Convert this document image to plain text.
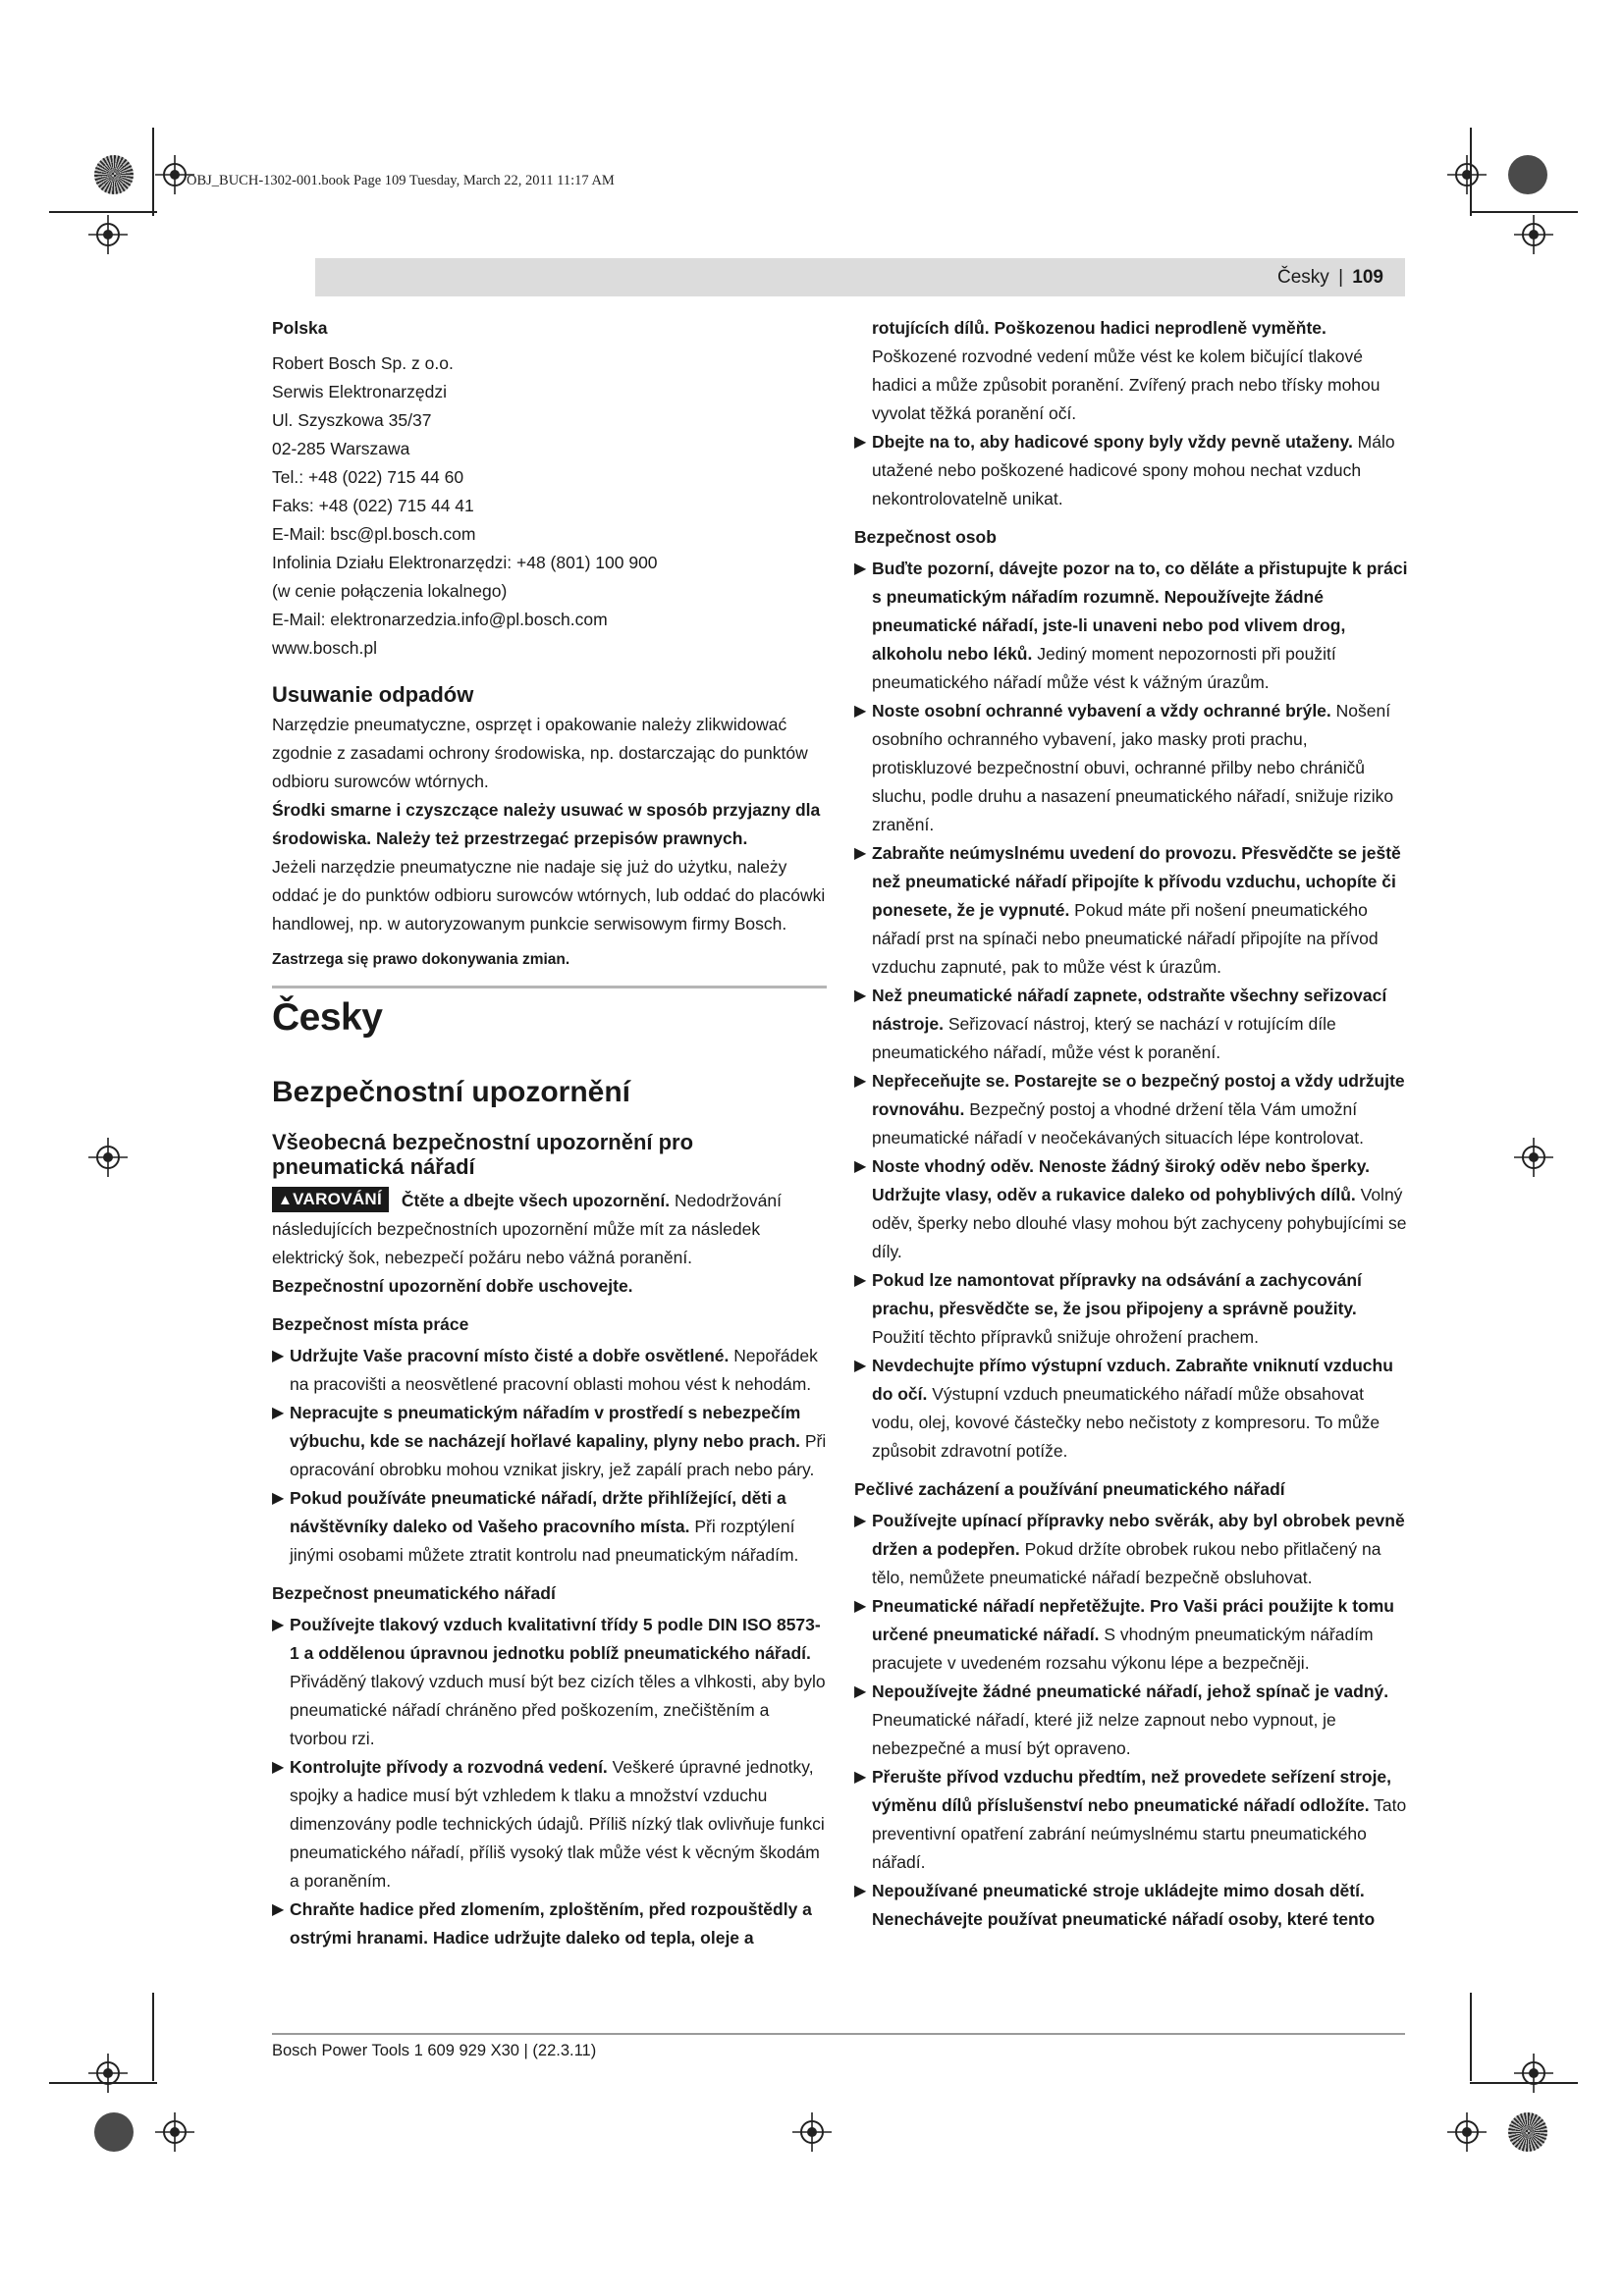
OBJ_BUCH-1302-001.book Page 109 Tuesday, March 22, 2011 11:17 AM
Česky | 109

Polska

Robert Bosch Sp. z o.o.

Serwis Elektronarzędzi

Ul. Szyszkowa 35/37

02-285 Warszawa

Tel.: +48 (022) 715 44 60

Faks: +48 (022) 715 44 41

E-Mail: bsc@pl.bosch.com

Infolinia Działu Elektronarzędzi: +48 (801) 100 900

(w cenie połączenia lokalnego)

E-Mail: elektronarzedzia.info@pl.bosch.com

www.bosch.pl

Usuwanie odpadów

Narzędzie pneumatyczne, osprzęt i opakowanie należy zlikwidować zgodnie z zasadami ochrony środowiska, np. dostarczając do punktów odbioru surowców wtórnych.

Środki smarne i czyszczące należy usuwać w sposób przyjazny dla środowiska. Należy też przestrzegać przepisów prawnych.

Jeżeli narzędzie pneumatyczne nie nadaje się już do użytku, należy oddać je do punktów odbioru surowców wtórnych, lub oddać do placówki handlowej, np. w autoryzowanym punkcie serwisowym firmy Bosch.

Zastrzega się prawo dokonywania zmian.

Česky

Bezpečnostní upozornění

Všeobecná bezpečnostní upozornění pro pneumatická nářadí

▲VAROVÁNÍ Čtěte a dbejte všech upozornění. Nedodržování následujících bezpečnostních upozornění může mít za následek elektrický šok, nebezpečí požáru nebo vážná poranění.

Bezpečnostní upozornění dobře uschovejte.

Bezpečnost místa práce

▶ Udržujte Vaše pracovní místo čisté a dobře osvětlené. Nepořádek na pracovišti a neosvětlené pracovní oblasti mohou vést k nehodám.
▶ Nepracujte s pneumatickým nářadím v prostředí s nebezpečím výbuchu, kde se nacházejí hořlavé kapaliny, plyny nebo prach. Při opracování obrobku mohou vznikat jiskry, jež zapálí prach nebo páry.
▶ Pokud používáte pneumatické nářadí, držte přihlížející, děti a návštěvníky daleko od Vašeho pracovního místa. Při rozptýlení jinými osobami můžete ztratit kontrolu nad pneumatickým nářadím.

Bezpečnost pneumatického nářadí

▶ Používejte tlakový vzduch kvalitativní třídy 5 podle DIN ISO 8573-1 a oddělenou úpravnou jednotku poblíž pneumatického nářadí. Přiváděný tlakový vzduch musí být bez cizích těles a vlhkosti, aby bylo pneumatické nářadí chráněno před poškozením, znečištěním a tvorbou rzi.
▶ Kontrolujte přívody a rozvodná vedení. Veškeré úpravné jednotky, spojky a hadice musí být vzhledem k tlaku a množství vzduchu dimenzovány podle technických údajů. Příliš nízký tlak ovlivňuje funkci pneumatického nářadí, příliš vysoký tlak může vést k věcným škodám a poraněním.
▶ Chraňte hadice před zlomením, zploštěním, před rozpouštědly a ostrými hranami. Hadice udržujte daleko od tepla, oleje a

rotujících dílů. Poškozenou hadici neprodleně vyměňte. Poškozené rozvodné vedení může vést ke kolem bičující tlakové hadici a může způsobit poranění. Zvířený prach nebo třísky mohou vyvolat těžká poranění očí.

▶ Dbejte na to, aby hadicové spony byly vždy pevně utaženy. Málo utažené nebo poškozené hadicové spony mohou nechat vzduch nekontrolovatelně unikat.

Bezpečnost osob

▶ Buďte pozorní, dávejte pozor na to, co děláte a přistupujte k práci s pneumatickým nářadím rozumně. Nepoužívejte žádné pneumatické nářadí, jste-li unaveni nebo pod vlivem drog, alkoholu nebo léků. Jediný moment nepozornosti při použití pneumatického nářadí může vést k vážným úrazům.
▶ Noste osobní ochranné vybavení a vždy ochranné brýle. Nošení osobního ochranného vybavení, jako masky proti prachu, protiskluzové bezpečnostní obuvi, ochranné přilby nebo chráničů sluchu, podle druhu a nasazení pneumatického nářadí, snižuje riziko zranění.
▶ Zabraňte neúmyslnému uvedení do provozu. Přesvědčte se ještě než pneumatické nářadí připojíte k přívodu vzduchu, uchopíte či ponesete, že je vypnuté. Pokud máte při nošení pneumatického nářadí prst na spínači nebo pneumatické nářadí připojíte na přívod vzduchu zapnuté, pak to může vést k úrazům.
▶ Než pneumatické nářadí zapnete, odstraňte všechny seřizovací nástroje. Seřizovací nástroj, který se nachází v rotujícím díle pneumatického nářadí, může vést k poranění.
▶ Nepřeceňujte se. Postarejte se o bezpečný postoj a vždy udržujte rovnováhu. Bezpečný postoj a vhodné držení těla Vám umožní pneumatické nářadí v neočekávaných situacích lépe kontrolovat.
▶ Noste vhodný oděv. Nenoste žádný široký oděv nebo šperky. Udržujte vlasy, oděv a rukavice daleko od pohyblivých dílů. Volný oděv, šperky nebo dlouhé vlasy mohou být zachyceny pohybujícími se díly.
▶ Pokud lze namontovat přípravky na odsávání a zachycování prachu, přesvědčte se, že jsou připojeny a správně použity. Použití těchto přípravků snižuje ohrožení prachem.
▶ Nevdechujte přímo výstupní vzduch. Zabraňte vniknutí vzduchu do očí. Výstupní vzduch pneumatického nářadí může obsahovat vodu, olej, kovové částečky nebo nečistoty z kompresoru. To může způsobit zdravotní potíže.

Pečlivé zacházení a používání pneumatického nářadí

▶ Používejte upínací přípravky nebo svěrák, aby byl obrobek pevně držen a podepřen. Pokud držíte obrobek rukou nebo přitlačený na tělo, nemůžete pneumatické nářadí bezpečně obsluhovat.
▶ Pneumatické nářadí nepřetěžujte. Pro Vaši práci použijte k tomu určené pneumatické nářadí. S vhodným pneumatickým nářadím pracujete v uvedeném rozsahu výkonu lépe a bezpečněji.
▶ Nepoužívejte žádné pneumatické nářadí, jehož spínač je vadný. Pneumatické nářadí, které již nelze zapnout nebo vypnout, je nebezpečné a musí být opraveno.
▶ Přerušte přívod vzduchu předtím, než provedete seřízení stroje, výměnu dílů příslušenství nebo pneumatické nářadí odložíte. Tato preventivní opatření zabrání neúmyslnému startu pneumatického nářadí.
▶ Nepoužívané pneumatické stroje ukládejte mimo dosah dětí. Nenechávejte používat pneumatické nářadí osoby, které tento
Bosch Power Tools 1 609 929 X30 | (22.3.11)
